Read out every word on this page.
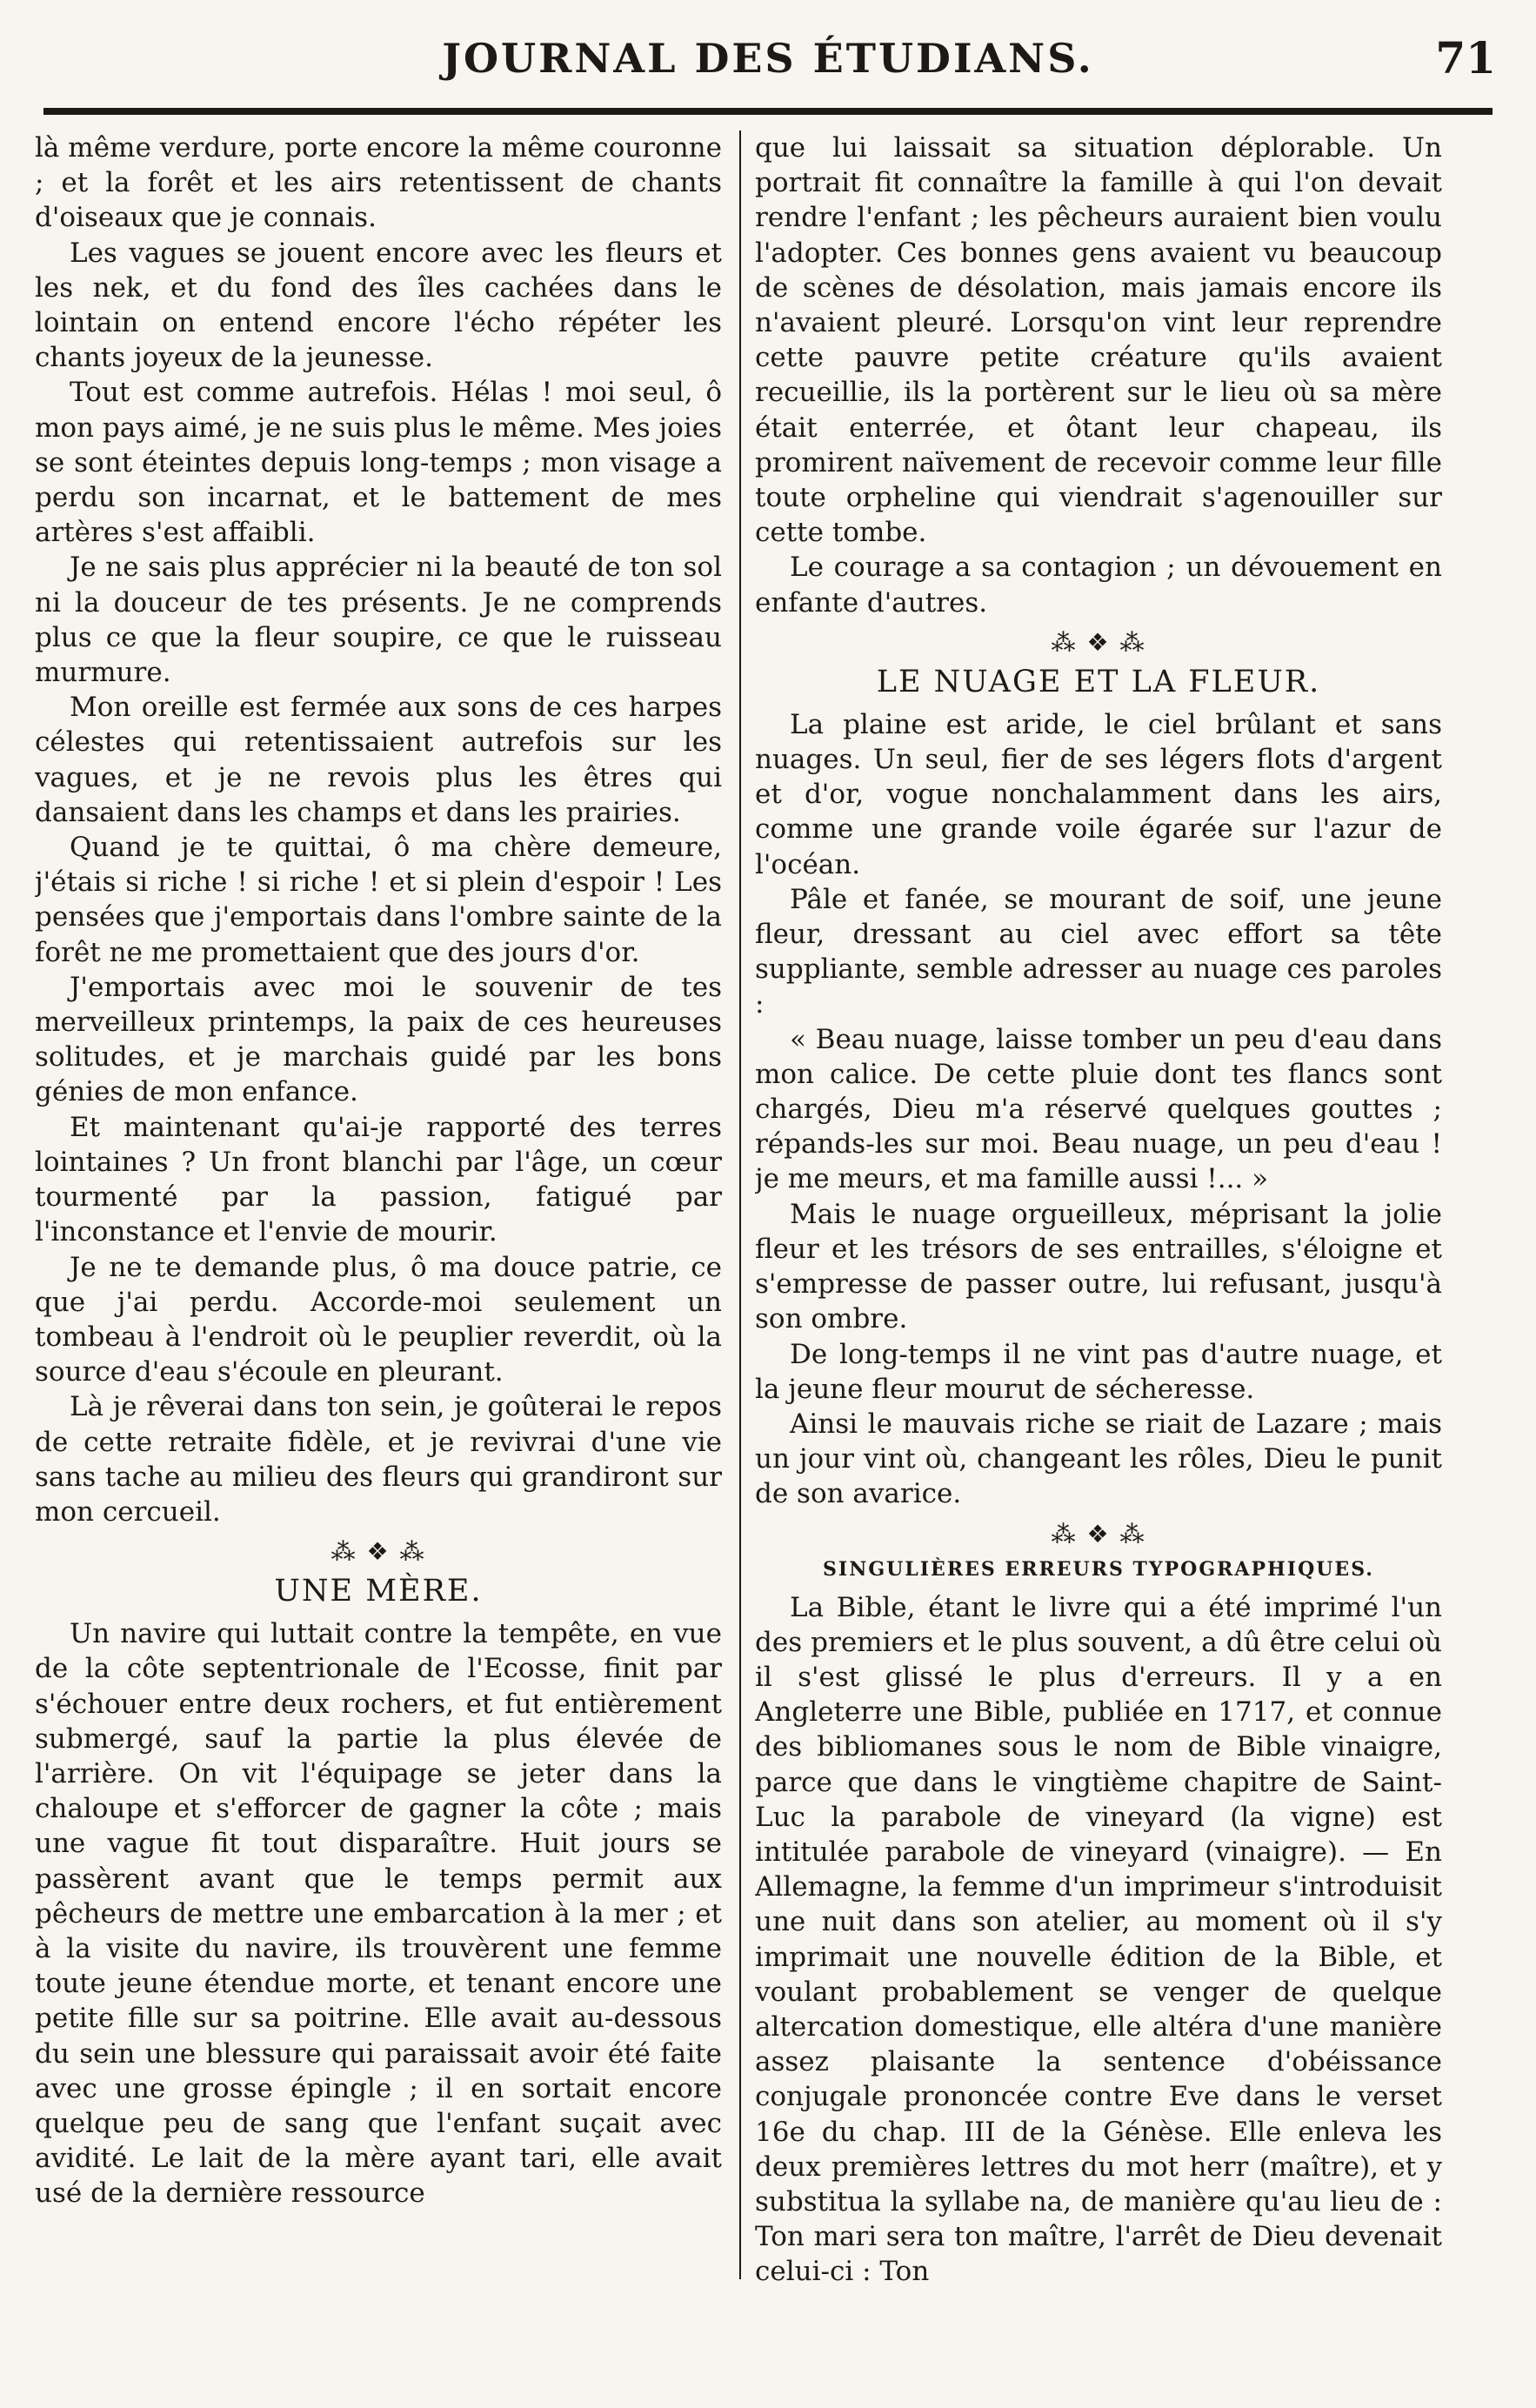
JOURNAL DES ÉTUDIANS.	71

là même verdure, porte encore la même couronne ; et la forêt et les airs retentissent de chants d'oiseaux que je connais.

Les vagues se jouent encore avec les fleurs et les nek, et du fond des îles cachées dans le lointain on entend encore l'écho répéter les chants joyeux de la jeunesse.

Tout est comme autrefois. Hélas ! moi seul, ô mon pays aimé, je ne suis plus le même. Mes joies se sont éteintes depuis long-temps ; mon visage a perdu son incarnat, et le battement de mes artères s'est affaibli.

Je ne sais plus apprécier ni la beauté de ton sol ni la douceur de tes présents. Je ne comprends plus ce que la fleur soupire, ce que le ruisseau murmure.

Mon oreille est fermée aux sons de ces harpes célestes qui retentissaient autrefois sur les vagues, et je ne revois plus les êtres qui dansaient dans les champs et dans les prairies.

Quand je te quittai, ô ma chère demeure, j'étais si riche ! si riche ! et si plein d'espoir ! Les pensées que j'emportais dans l'ombre sainte de la forêt ne me promettaient que des jours d'or.

J'emportais avec moi le souvenir de tes merveilleux printemps, la paix de ces heureuses solitudes, et je marchais guidé par les bons génies de mon enfance.

Et maintenant qu'ai-je rapporté des terres lointaines ? Un front blanchi par l'âge, un cœur tourmenté par la passion, fatigué par l'inconstance et l'envie de mourir.

Je ne te demande plus, ô ma douce patrie, ce que j'ai perdu. Accorde-moi seulement un tombeau à l'endroit où le peuplier reverdit, où la source d'eau s'écoule en pleurant.

Là je rêverai dans ton sein, je goûterai le repos de cette retraite fidèle, et je revivrai d'une vie sans tache au milieu des fleurs qui grandiront sur mon cercueil.

⁂ ❖ ⁂
UNE MÈRE.

Un navire qui luttait contre la tempête, en vue de la côte septentrionale de l'Ecosse, finit par s'échouer entre deux rochers, et fut entièrement submergé, sauf la partie la plus élevée de l'arrière. On vit l'équipage se jeter dans la chaloupe et s'efforcer de gagner la côte ; mais une vague fit tout disparaître. Huit jours se passèrent avant que le temps permit aux pêcheurs de mettre une embarcation à la mer ; et à la visite du navire, ils trouvèrent une femme toute jeune étendue morte, et tenant encore une petite fille sur sa poitrine. Elle avait au-dessous du sein une blessure qui paraissait avoir été faite avec une grosse épingle ; il en sortait encore quelque peu de sang que l'enfant suçait avec avidité. Le lait de la mère ayant tari, elle avait usé de la dernière ressource

que lui laissait sa situation déplorable. Un portrait fit connaître la famille à qui l'on devait rendre l'enfant ; les pêcheurs auraient bien voulu l'adopter. Ces bonnes gens avaient vu beaucoup de scènes de désolation, mais jamais encore ils n'avaient pleuré. Lorsqu'on vint leur reprendre cette pauvre petite créature qu'ils avaient recueillie, ils la portèrent sur le lieu où sa mère était enterrée, et ôtant leur chapeau, ils promirent naïvement de recevoir comme leur fille toute orpheline qui viendrait s'agenouiller sur cette tombe.

Le courage a sa contagion ; un dévouement en enfante d'autres.

⁂ ❖ ⁂
LE NUAGE ET LA FLEUR.

La plaine est aride, le ciel brûlant et sans nuages. Un seul, fier de ses légers flots d'argent et d'or, vogue nonchalamment dans les airs, comme une grande voile égarée sur l'azur de l'océan.

Pâle et fanée, se mourant de soif, une jeune fleur, dressant au ciel avec effort sa tête suppliante, semble adresser au nuage ces paroles :

« Beau nuage, laisse tomber un peu d'eau dans mon calice. De cette pluie dont tes flancs sont chargés, Dieu m'a réservé quelques gouttes ; répands-les sur moi. Beau nuage, un peu d'eau ! je me meurs, et ma famille aussi !... »

Mais le nuage orgueilleux, méprisant la jolie fleur et les trésors de ses entrailles, s'éloigne et s'empresse de passer outre, lui refusant, jusqu'à son ombre.

De long-temps il ne vint pas d'autre nuage, et la jeune fleur mourut de sécheresse.

Ainsi le mauvais riche se riait de Lazare ; mais un jour vint où, changeant les rôles, Dieu le punit de son avarice.

⁂ ❖ ⁂
SINGULIÈRES ERREURS TYPOGRAPHIQUES.

La Bible, étant le livre qui a été imprimé l'un des premiers et le plus souvent, a dû être celui où il s'est glissé le plus d'erreurs. Il y a en Angleterre une Bible, publiée en 1717, et connue des bibliomanes sous le nom de Bible vinaigre, parce que dans le vingtième chapitre de Saint-Luc la parabole de vineyard (la vigne) est intitulée parabole de vineyard (vinaigre). — En Allemagne, la femme d'un imprimeur s'introduisit une nuit dans son atelier, au moment où il s'y imprimait une nouvelle édition de la Bible, et voulant probablement se venger de quelque altercation domestique, elle altéra d'une manière assez plaisante la sentence d'obéissance conjugale prononcée contre Eve dans le verset 16e du chap. III de la Génèse. Elle enleva les deux premières lettres du mot herr (maître), et y substitua la syllabe na, de manière qu'au lieu de : Ton mari sera ton maître, l'arrêt de Dieu devenait celui-ci : Ton
